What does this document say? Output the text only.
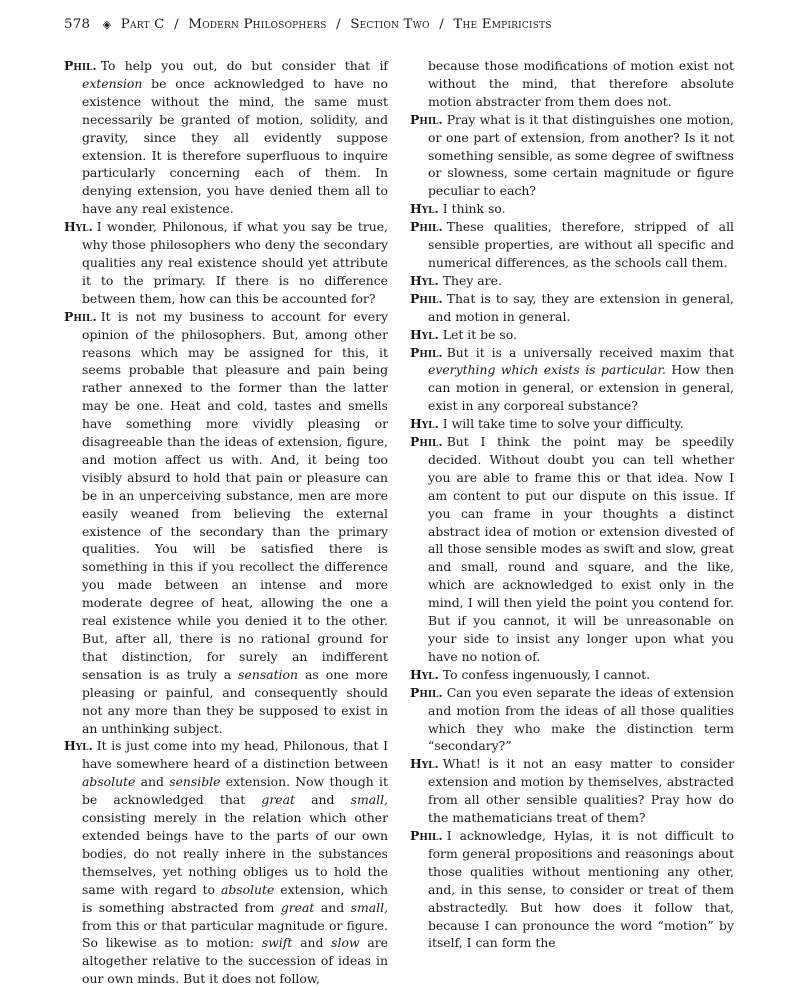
578 ◈ Part C / Modern Philosophers / Section Two / The Empiricists

Phil. To help you out, do but consider that if extension be once acknowledged to have no existence without the mind, the same must necessarily be granted of motion, solidity, and gravity, since they all evidently suppose extension. It is therefore superfluous to inquire particularly concerning each of them. In denying extension, you have denied them all to have any real existence.

Hyl. I wonder, Philonous, if what you say be true, why those philosophers who deny the secondary qualities any real existence should yet attribute it to the primary. If there is no difference between them, how can this be accounted for?

Phil. It is not my business to account for every opinion of the philosophers. But, among other reasons which may be assigned for this, it seems probable that pleasure and pain being rather annexed to the former than the latter may be one. Heat and cold, tastes and smells have something more vividly pleasing or disagreeable than the ideas of extension, figure, and motion affect us with. And, it being too visibly absurd to hold that pain or pleasure can be in an unperceiving substance, men are more easily weaned from believing the external existence of the secondary than the primary qualities. You will be satisfied there is something in this if you recollect the difference you made between an intense and more moderate degree of heat, allowing the one a real existence while you denied it to the other. But, after all, there is no rational ground for that distinction, for surely an indifferent sensation is as truly a sensation as one more pleasing or painful, and consequently should not any more than they be supposed to exist in an unthinking subject.

Hyl. It is just come into my head, Philonous, that I have somewhere heard of a distinction between absolute and sensible extension. Now though it be acknowledged that great and small, consisting merely in the relation which other extended beings have to the parts of our own bodies, do not really inhere in the substances themselves, yet nothing obliges us to hold the same with regard to absolute extension, which is something abstracted from great and small, from this or that particular magnitude or figure. So likewise as to motion: swift and slow are altogether relative to the succession of ideas in our own minds. But it does not follow,

because those modifications of motion exist not without the mind, that therefore absolute motion abstracter from them does not.

Phil. Pray what is it that distinguishes one motion, or one part of extension, from another? Is it not something sensible, as some degree of swiftness or slowness, some certain magnitude or figure peculiar to each?

Hyl. I think so.

Phil. These qualities, therefore, stripped of all sensible properties, are without all specific and numerical differences, as the schools call them.

Hyl. They are.

Phil. That is to say, they are extension in general, and motion in general.

Hyl. Let it be so.

Phil. But it is a universally received maxim that everything which exists is particular. How then can motion in general, or extension in general, exist in any corporeal substance?

Hyl. I will take time to solve your difficulty.

Phil. But I think the point may be speedily decided. Without doubt you can tell whether you are able to frame this or that idea. Now I am content to put our dispute on this issue. If you can frame in your thoughts a distinct abstract idea of motion or extension divested of all those sensible modes as swift and slow, great and small, round and square, and the like, which are acknowledged to exist only in the mind, I will then yield the point you contend for. But if you cannot, it will be unreasonable on your side to insist any longer upon what you have no notion of.

Hyl. To confess ingenuously, I cannot.

Phil. Can you even separate the ideas of extension and motion from the ideas of all those qualities which they who make the distinction term “secondary?”

Hyl. What! is it not an easy matter to consider extension and motion by themselves, abstracted from all other sensible qualities? Pray how do the mathematicians treat of them?

Phil. I acknowledge, Hylas, it is not difficult to form general propositions and reasonings about those qualities without mentioning any other, and, in this sense, to consider or treat of them abstractedly. But how does it follow that, because I can pronounce the word “motion” by itself, I can form the
